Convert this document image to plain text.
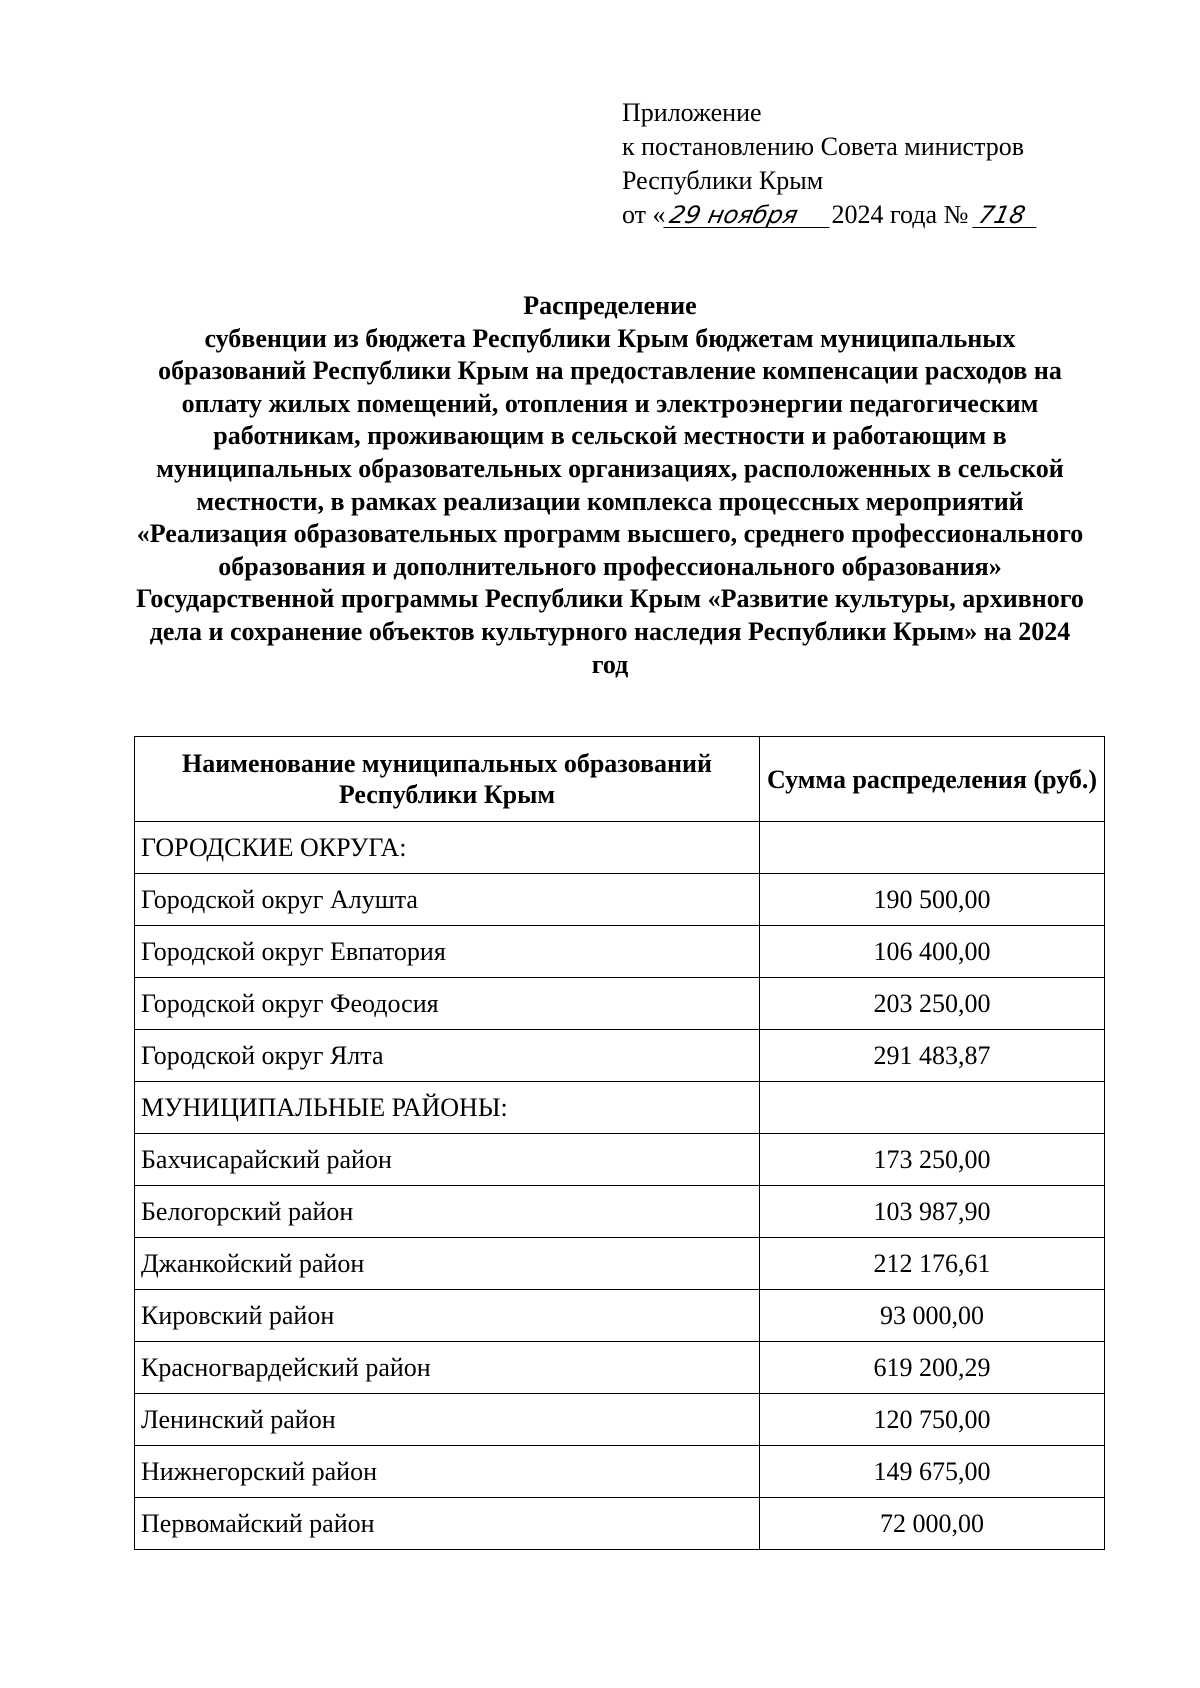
Приложение
к постановлению Совета министров
Республики Крым
от «29 ноября 2024 года № 718
Распределение
субвенции из бюджета Республики Крым бюджетам муниципальных образований Республики Крым на предоставление компенсации расходов на оплату жилых помещений, отопления и электроэнергии педагогическим работникам, проживающим в сельской местности и работающим в муниципальных образовательных организациях, расположенных в сельской местности, в рамках реализации комплекса процессных мероприятий «Реализация образовательных программ высшего, среднего профессионального образования и дополнительного профессионального образования» Государственной программы Республики Крым «Развитие культуры, архивного дела и сохранение объектов культурного наследия Республики Крым» на 2024 год
Наименование муниципальных образований Республики Крым	Сумма распределения (руб.)
ГОРОДСКИЕ ОКРУГА:	
Городской округ Алушта	190 500,00
Городской округ Евпатория	106 400,00
Городской округ Феодосия	203 250,00
Городской округ Ялта	291 483,87
МУНИЦИПАЛЬНЫЕ РАЙОНЫ:	
Бахчисарайский район	173 250,00
Белогорский район	103 987,90
Джанкойский район	212 176,61
Кировский район	93 000,00
Красногвардейский район	619 200,29
Ленинский район	120 750,00
Нижнегорский район	149 675,00
Первомайский район	72 000,00
